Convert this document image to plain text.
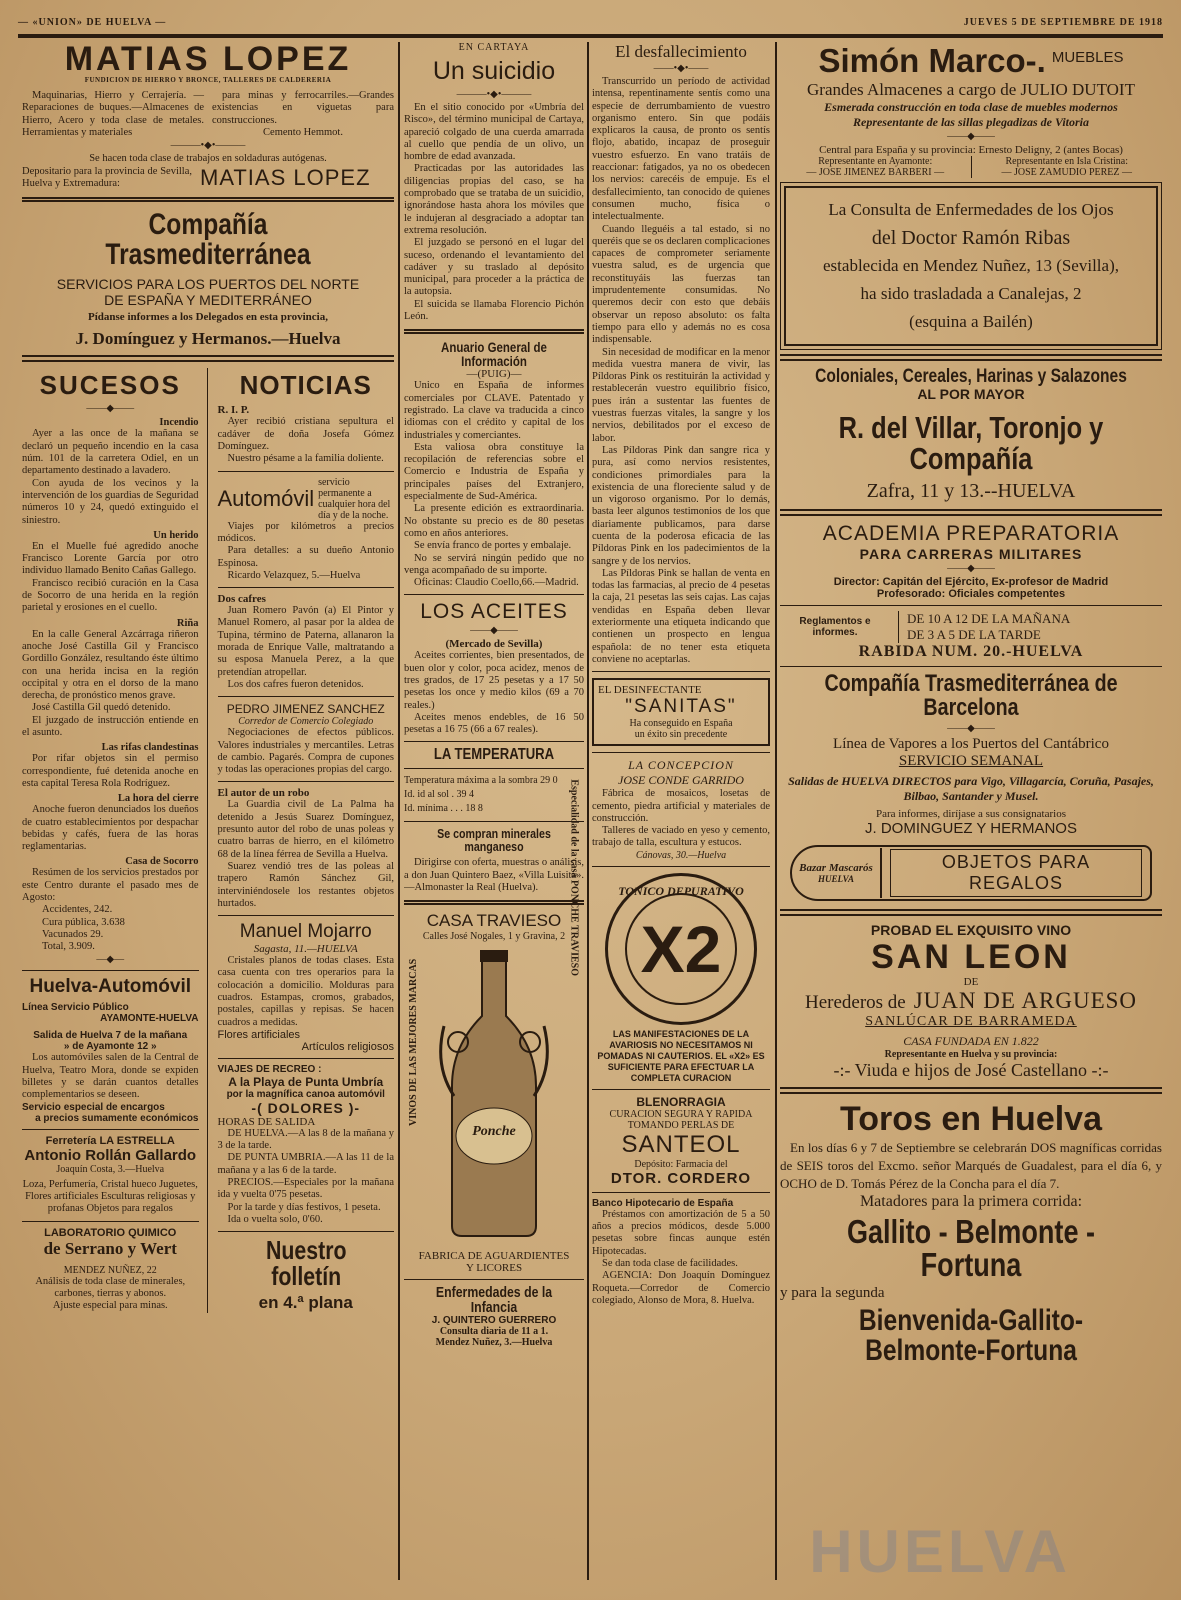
— «UNION» DE HUELVA —	JUEVES 5 DE SEPTIEMBRE DE 1918
MATIAS LOPEZ
FUNDICION DE HIERRO Y BRONCE, TALLERES DE CALDERERIA

Maquinarias, Hierro y Cerrajería. —Reparaciones de buques.—Almacenes de Hierro, Acero y toda clase de metales. Herramientas y materiales

para minas y ferrocarriles.—Grandes existencias en viguetas para construcciones.

Cemento Hemmot.

———•◆•———

Se hacen toda clase de trabajos en soldaduras autógenas.

Depositario para la provincia de Sevilla, Huelva y Extremadura:	MATIAS LOPEZ
Compañía Trasmediterránea
SERVICIOS PARA LOS PUERTOS DEL NORTE
DE ESPAÑA Y MEDITERRÁNEO
Pídanse informes a los Delegados en esta provincia,
J. Domínguez y Hermanos.—Huelva
SUCESOS
——◆——
Incendio

Ayer a las once de la mañana se declaró un pequeño incendio en la casa núm. 101 de la carretera Odiel, en un departamento destinado a lavadero.

Con ayuda de los vecinos y la intervención de los guardias de Seguridad números 10 y 24, quedó extinguido el siniestro.

Un herido

En el Muelle fué agredido anoche Francisco Lorente García por otro individuo llamado Benito Cañas Gallego.

Francisco recibió curación en la Casa de Socorro de una herida en la región parietal y erosiones en el cuello.

Riña

En la calle General Azcárraga riñeron anoche José Castilla Gil y Francisco Gordillo González, resultando éste último con una herida incisa en la región occipital y otra en el dorso de la mano derecha, de pronóstico menos grave.

José Castilla Gil quedó detenido.

El juzgado de instrucción entiende en el asunto.

Las rifas clandestinas

Por rifar objetos sin el permiso correspondiente, fué detenida anoche en esta capital Teresa Rola Rodríguez.

La hora del cierre

Anoche fueron denunciados los dueños de cuatro establecimientos por despachar bebidas y cafés, fuera de las horas reglamentarias.

Casa de Socorro

Resúmen de los servicios prestados por este Centro durante el pasado mes de Agosto:

Accidentes, 242.

Cura pública, 3.638

Vacunados 29.

Total, 3.909.

—◆—
Huelva-Automóvil
Línea Servicio Público
AYAMONTE-HUELVA
Salida de Huelva 7 de la mañana
» de Ayamonte 12 »

Los automóviles salen de la Central de Huelva, Teatro Mora, donde se expiden billetes y se darán cuantos detalles complementarios se deseen.

Servicio especial de encargos
a precios sumamente económicos
Ferretería LA ESTRELLA
Antonio Rollán Gallardo
Joaquín Costa, 3.—Huelva

Loza, Perfumería, Cristal hueco Juguetes, Flores artificiales Esculturas religiosas y profanas Objetos para regalos

LABORATORIO QUIMICO
de Serrano y Wert
MENDEZ NUÑEZ, 22

Análisis de toda clase de minerales, carbones, tierras y abonos.

Ajuste especial para minas.

NOTICIAS
R. I. P.

Ayer recibió cristiana sepultura el cadáver de doña Josefa Gómez Domínguez.

Nuestro pésame a la familia doliente.

Automóvil
servicio permanente a cualquier hora del día y de la noche.

Viajes por kilómetros a precios módicos.

Para detalles: a su dueño Antonio Espinosa.

Ricardo Velazquez, 5.—Huelva

Dos cafres

Juan Romero Pavón (a) El Pintor y Manuel Romero, al pasar por la aldea de Tupina, término de Paterna, allanaron la morada de Enrique Valle, maltratando a su esposa Manuela Perez, a la que pretendían atropellar.

Los dos cafres fueron detenidos.

PEDRO JIMENEZ SANCHEZ
Corredor de Comercio Colegiado

Negociaciones de efectos públicos. Valores industriales y mercantiles. Letras de cambio. Pagarés. Compra de cupones y todas las operaciones propias del cargo.

El autor de un robo

La Guardia civil de La Palma ha detenido a Jesús Suarez Domínguez, presunto autor del robo de unas poleas y cuatro barras de hierro, en el kilómetro 68 de la línea férrea de Sevilla a Huelva.

Suarez vendió tres de las poleas al trapero Ramón Sánchez Gil, interviniéndosele los restantes objetos hurtados.

Manuel Mojarro
Sagasta, 11.—HUELVA

Cristales planos de todas clases. Esta casa cuenta con tres operarios para la colocación a domicilio. Molduras para cuadros. Estampas, cromos, grabados, postales, capillas y repisas. Se hacen cuadros a medidas.

Flores artificiales
Artículos religiosos
VIAJES DE RECREO :
A la Playa de Punta Umbría
por la magnífica canoa automóvil
-( DOLORES )-
HORAS DE SALIDA

DE HUELVA.—A las 8 de la mañana y 3 de la tarde.

DE PUNTA UMBRIA.—A las 11 de la mañana y a las 6 de la tarde.

PRECIOS.—Especiales por la mañana ida y vuelta 0'75 pesetas.

Por la tarde y días festivos, 1 peseta.

Ida o vuelta solo, 0'60.

Nuestro folletín
en 4.ª plana
EN CARTAYA
Un suicidio
———•◆•———

En el sitio conocido por «Umbría del Risco», del término municipal de Cartaya, apareció colgado de una cuerda amarrada al cuello que pendía de un olivo, un hombre de edad avanzada.

Practicadas por las autoridades las diligencias propias del caso, se ha comprobado que se trataba de un suicidio, ignorándose hasta ahora los móviles que le indujeran al desgraciado a adoptar tan extrema resolución.

El juzgado se personó en el lugar del suceso, ordenando el levantamiento del cadáver y su traslado al depósito municipal, para proceder a la práctica de la autopsia.

El suicida se llamaba Florencio Pichón León.

Anuario General de Información
—(PUIG)—

Unico en España de informes comerciales por CLAVE. Patentado y registrado. La clave va traducida a cinco idiomas con el crédito y capital de los industriales y comerciantes.

Esta valiosa obra constituye la recopilación de referencias sobre el Comercio e Industria de España y principales países del Extranjero, especialmente de Sud-América.

La presente edición es extraordinaria. No obstante su precio es de 80 pesetas como en años anteriores.

Se envía franco de portes y embalaje.

No se servirá ningún pedido que no venga acompañado de su importe.

Oficinas: Claudio Coello,66.—Madrid.

LOS ACEITES
——◆——
(Mercado de Sevilla)

Aceites corrientes, bien presentados, de buen olor y color, poca acidez, menos de tres grados, de 17 25 pesetas y a 17 50 pesetas los once y medio kilos (69 a 70 reales.)

Aceites menos endebles, de 16 50 pesetas a 16 75 (66 a 67 reales).

LA TEMPERATURA
Temperatura máxima a la sombra 29 0
Id. id al sol . 39 4
Id. mínima . . . 18 8
Se compran minerales manganeso

Dirigirse con oferta, muestras o análisis, a don Juan Quintero Baez, «Villa Luisita».—Almonaster la Real (Huelva).

CASA TRAVIESO
Calles José Nogales, 1 y Gravina, 2
VINOS DE LAS MEJORES MARCAS
Ponche
Especialidad de la casa PONCHE TRAVIESO
FABRICA DE AGUARDIENTES
Y LICORES
Enfermedades de la Infancia
J. QUINTERO GUERRERO
Consulta diaria de 11 a 1.
Mendez Nuñez, 3.—Huelva
El desfallecimiento
——•◆•——

Transcurrido un período de actividad intensa, repentinamente sentís como una especie de derrumbamiento de vuestro organismo entero. Sin que podáis explicaros la causa, de pronto os sentís flojo, abatido, incapaz de proseguir vuestro esfuerzo. En vano tratáis de reaccionar: fatigados, ya no os obedecen los nervios: carecéis de empuje. Es el desfallecimiento, tan conocido de quienes consumen mucho, física o intelectualmente.

Cuando lleguéis a tal estado, si no queréis que se os declaren complicaciones capaces de comprometer seriamente vuestra salud, es de urgencia que reconstituyáis las fuerzas tan imprudentemente consumidas. No queremos decir con esto que debáis observar un reposo absoluto: os falta tiempo para ello y además no es cosa indispensable.

Sin necesidad de modificar en la menor medida vuestra manera de vivir, las Píldoras Pink os restituirán la actividad y restablecerán vuestro equilibrio físico, pues irán a sustentar las fuentes de vuestras fuerzas vitales, la sangre y los nervios, debilitados por el exceso de labor.

Las Píldoras Pink dan sangre rica y pura, así como nervios resistentes, condiciones primordiales para la existencia de una floreciente salud y de un vigoroso organismo. Por lo demás, basta leer algunos testimonios de los que diariamente publicamos, para darse cuenta de la poderosa eficacia de las Píldoras Pink en los padecimientos de la sangre y de los nervios.

Las Píldoras Pink se hallan de venta en todas las farmacias, al precio de 4 pesetas la caja, 21 pesetas las seis cajas. Las cajas vendidas en España deben llevar exteriormente una etiqueta indicando que contienen un prospecto en lengua española: de no tener esta etiqueta conviene no aceptarlas.

EL DESINFECTANTE
"SANITAS"
Ha conseguido en España
un éxito sin precedente
LA CONCEPCION
JOSE CONDE GARRIDO

Fábrica de mosaicos, losetas de cemento, piedra artificial y materiales de construcción.

Talleres de vaciado en yeso y cemento, trabajo de talla, escultura y estucos.

Cánovas, 30.—Huelva
TONICO DEPURATIVO
X2
LAS MANIFESTACIONES DE LA AVARIOSIS NO NECESITAMOS NI POMADAS NI CAUTERIOS. EL «X2» ES SUFICIENTE PARA EFECTUAR LA COMPLETA CURACION
BLENORRAGIA
CURACION SEGURA Y RAPIDA
TOMANDO PERLAS DE
SANTEOL
Depósito: Farmacia del
DTOR. CORDERO
Banco Hipotecario de España

Préstamos con amortización de 5 a 50 años a precios módicos, desde 5.000 pesetas sobre fincas aunque estén Hipotecadas.

Se dan toda clase de facilidades.

AGENCIA: Don Joaquín Domínguez Roqueta.—Corredor de Comercio colegiado, Alonso de Mora, 8. Huelva.

Simón Marco-. MUEBLES
Grandes Almacenes a cargo de JULIO DUTOIT
Esmerada construcción en toda clase de muebles modernos
Representante de las sillas plegadizas de Vitoria
——◆——
Central para España y su provincia: Ernesto Deligny, 2 (antes Bocas)
Representante en Ayamonte:
— JOSE JIMENEZ BARBERI —
Representante en Isla Cristina:
— JOSE ZAMUDIO PEREZ —
La Consulta de Enfermedades de los Ojos
del Doctor Ramón Ribas
establecida en Mendez Nuñez, 13 (Sevilla),
ha sido trasladada a Canalejas, 2
(esquina a Bailén)
Coloniales, Cereales, Harinas y Salazones
AL POR MAYOR
R. del Villar, Toronjo y Compañía
Zafra, 11 y 13.--HUELVA
ACADEMIA PREPARATORIA
PARA CARRERAS MILITARES
——◆——
Director: Capitán del Ejército, Ex-profesor de Madrid
Profesorado: Oficiales competentes
Reglamentos e informes.
DE 10 A 12 DE LA MAÑANA
DE 3 A 5 DE LA TARDE
RABIDA NUM. 20.-HUELVA
Compañía Trasmediterránea de Barcelona
——◆——
Línea de Vapores a los Puertos del Cantábrico
SERVICIO SEMANAL
Salidas de HUELVA DIRECTOS para Vigo, Villagarcía, Coruña, Pasajes, Bilbao, Santander y Musel.
Para informes, diríjase a sus consignatarios
J. DOMINGUEZ Y HERMANOS
Bazar Mascarós
HUELVA
OBJETOS PARA REGALOS
PROBAD EL EXQUISITO VINO
SAN LEON
DE
Herederos de JUAN DE ARGUESO
SANLÚCAR DE BARRAMEDA
CASA FUNDADA EN 1.822
Representante en Huelva y su provincia:
-:- Viuda e hijos de José Castellano -:-
Toros en Huelva

En los días 6 y 7 de Septiembre se celebrarán DOS magníficas corridas de SEIS toros del Excmo. señor Marqués de Guadalest, para el día 6, y OCHO de D. Tomás Pérez de la Concha para el día 7.

Matadores para la primera corrida:
Gallito - Belmonte - Fortuna
y para la segunda
Bienvenida-Gallito-Belmonte-Fortuna
HUELVA
